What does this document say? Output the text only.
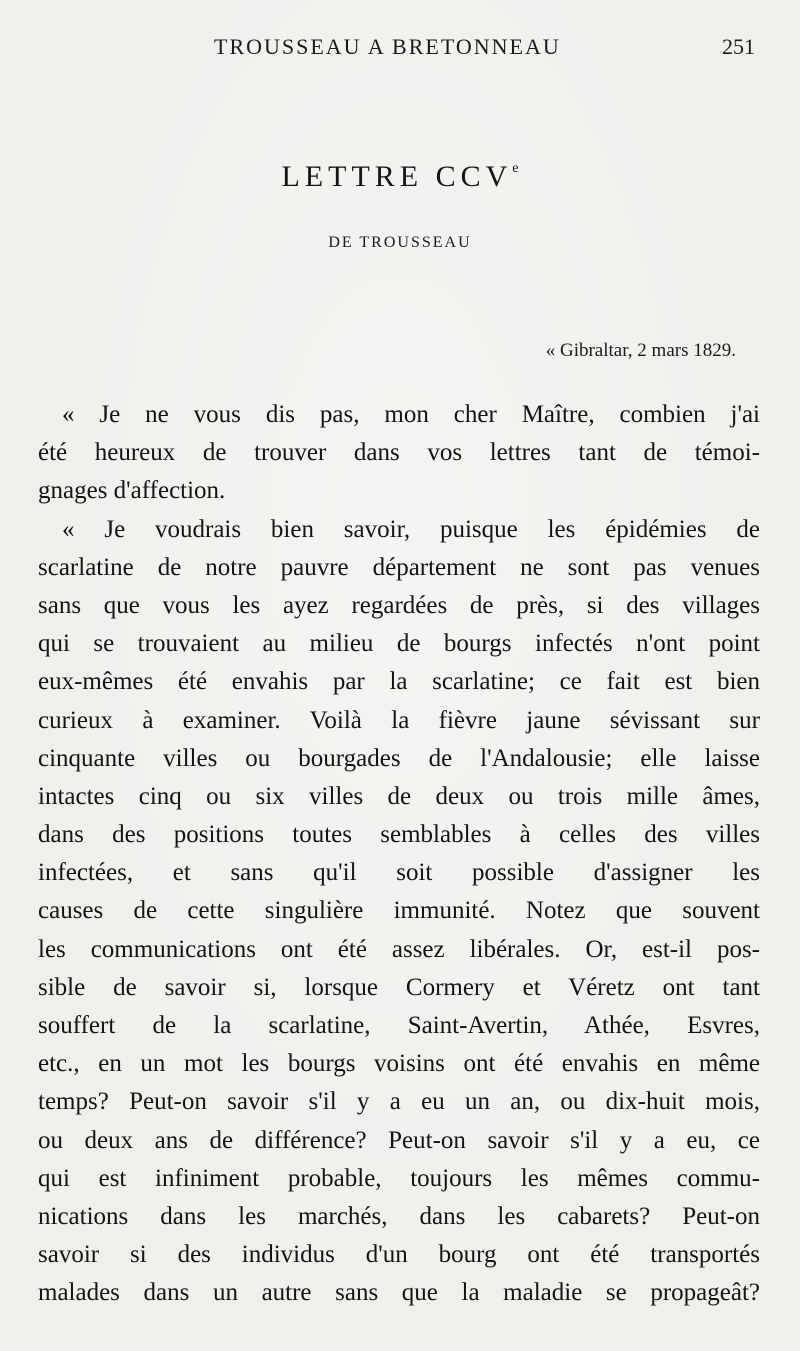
TROUSSEAU A BRETONNEAU	251
LETTRE CCVe
DE TROUSSEAU
« Gibraltar, 2 mars 1829.
« Je ne vous dis pas, mon cher Maître, combien j'ai
été heureux de trouver dans vos lettres tant de témoi-
gnages d'affection.
« Je voudrais bien savoir, puisque les épidémies de
scarlatine de notre pauvre département ne sont pas venues
sans que vous les ayez regardées de près, si des villages
qui se trouvaient au milieu de bourgs infectés n'ont point
eux-mêmes été envahis par la scarlatine; ce fait est bien
curieux à examiner. Voilà la fièvre jaune sévissant sur
cinquante villes ou bourgades de l'Andalousie; elle laisse
intactes cinq ou six villes de deux ou trois mille âmes,
dans des positions toutes semblables à celles des villes
infectées, et sans qu'il soit possible d'assigner les
causes de cette singulière immunité. Notez que souvent
les communications ont été assez libérales. Or, est-il pos-
sible de savoir si, lorsque Cormery et Véretz ont tant
souffert de la scarlatine, Saint-Avertin, Athée, Esvres,
etc., en un mot les bourgs voisins ont été envahis en même
temps? Peut-on savoir s'il y a eu un an, ou dix-huit mois,
ou deux ans de différence? Peut-on savoir s'il y a eu, ce
qui est infiniment probable, toujours les mêmes commu-
nications dans les marchés, dans les cabarets? Peut-on
savoir si des individus d'un bourg ont été transportés
malades dans un autre sans que la maladie se propageât?
